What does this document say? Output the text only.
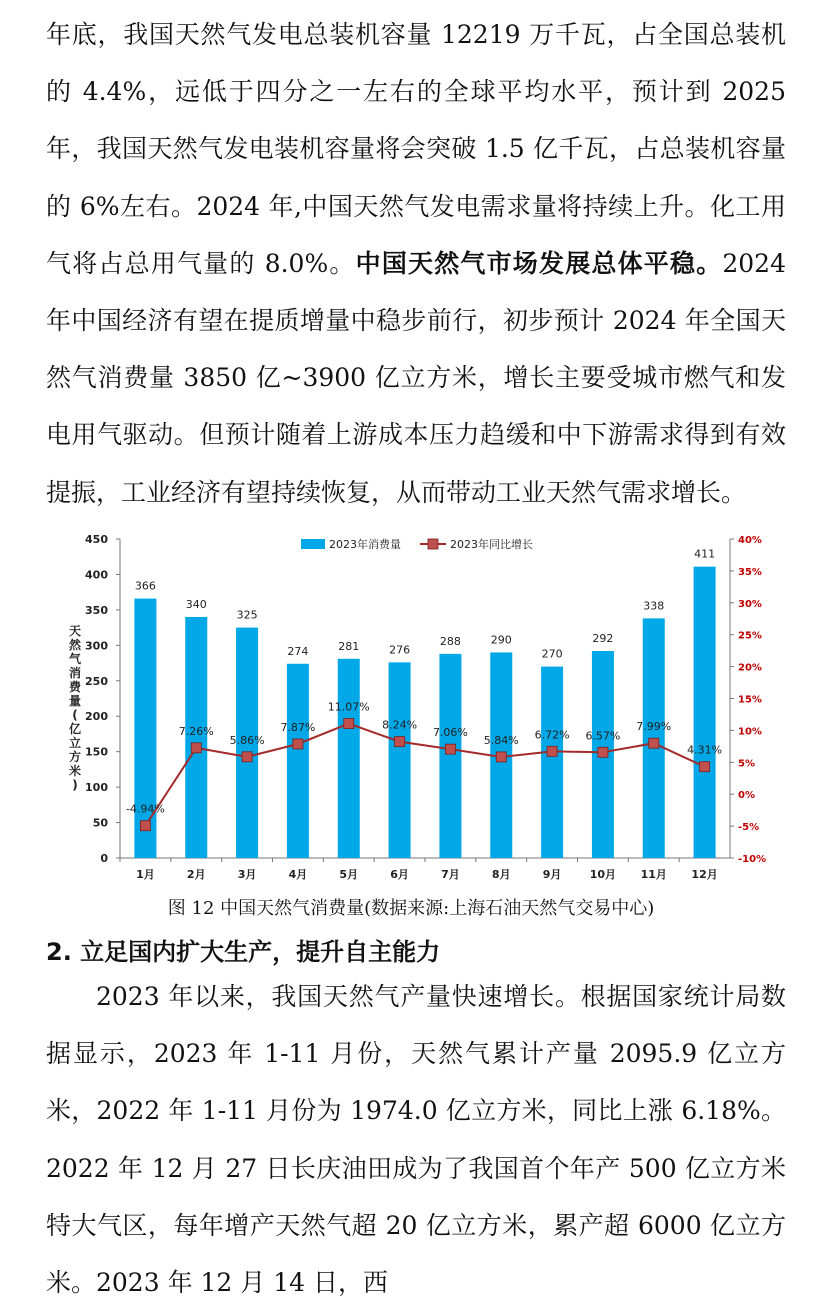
年底，我国天然气发电总装机容量 12219 万千瓦，占全国总装机的 4.4%，远低于四分之一左右的全球平均水平，预计到 2025 年，我国天然气发电装机容量将会突破 1.5 亿千瓦，占总装机容量的 6%左右。2024 年,中国天然气发电需求量将持续上升。化工用气将占总用气量的 8.0%。中国天然气市场发展总体平稳。2024 年中国经济有望在提质增量中稳步前行，初步预计 2024 年全国天然气消费量 3850 亿~3900 亿立方米，增长主要受城市燃气和发电用气驱动。但预计随着上游成本压力趋缓和中下游需求得到有效提振，工业经济有望持续恢复，从而带动工业天然气需求增长。

0
50
100
150
200
250
300
350
400
450
-10%
-5%
0%
5%
10%
15%
20%
25%
30%
35%
40%
1月	2月	3月	4月	5月	6月	7月	8月	9月	10月 11月 12月
天然气消费量(亿立方米)
366
340
325
274	281	276
288	290
270
292
338
411
-4.94%
7.26%
5.86%
7.87%
11.07%
8.24%
7.06%
5.84% 6.72% 6.57%
7.99%
4.31%
2023年消费量	2023年同比增长
图 12 中国天然气消费量(数据来源:上海石油天然气交易中心)
2. 立足国内扩大生产，提升自主能力

2023 年以来，我国天然气产量快速增长。根据国家统计局数据显示，2023 年 1-11 月份，天然气累计产量 2095.9 亿立方米，2022 年 1-11 月份为 1974.0 亿立方米，同比上涨 6.18%。2022 年 12 月 27 日长庆油田成为了我国首个年产 500 亿立方米特大气区，每年增产天然气超 20 亿立方米，累产超 6000 亿立方米。2023 年 12 月 14 日，西
